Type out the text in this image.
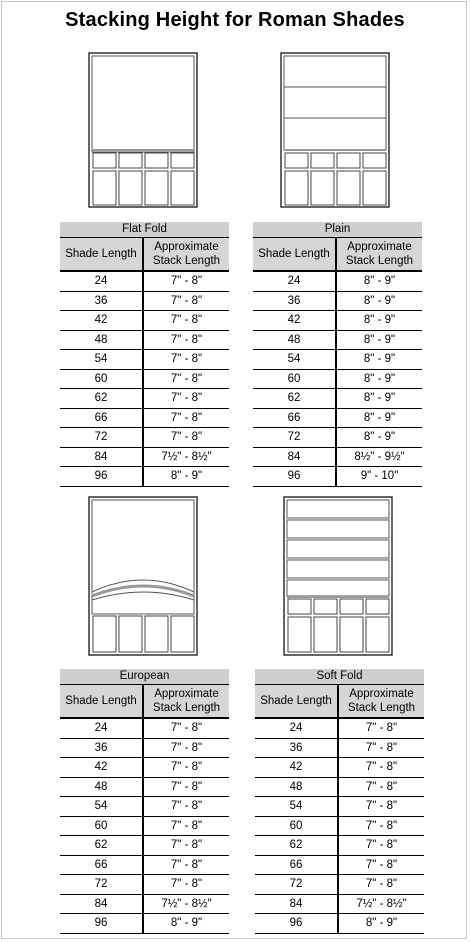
Stacking Height for Roman Shades
Flat Fold
Shade Length
Approximate
Stack Length
24	7" - 8"
36	7" - 8"
42	7" - 8"
48	7" - 8"
54	7" - 8"
60	7" - 8"
62	7" - 8"
66	7" - 8"
72	7" - 8"
84	7½" - 8½"
96	8" - 9"
Plain
Shade Length
Approximate
Stack Length
24	8" - 9"
36	8" - 9"
42	8" - 9"
48	8" - 9"
54	8" - 9"
60	8" - 9"
62	8" - 9"
66	8" - 9"
72	8" - 9"
84	8½" - 9½"
96	9" - 10"
European
Shade Length
Approximate
Stack Length
24	7" - 8"
36	7" - 8"
42	7" - 8"
48	7" - 8"
54	7" - 8"
60	7" - 8"
62	7" - 8"
66	7" - 8"
72	7" - 8"
84	7½" - 8½"
96	8" - 9"
Soft Fold
Shade Length
Approximate
Stack Length
24	7" - 8"
36	7" - 8"
42	7" - 8"
48	7" - 8"
54	7" - 8"
60	7" - 8"
62	7" - 8"
66	7" - 8"
72	7" - 8"
84	7½" - 8½"
96	8" - 9"
